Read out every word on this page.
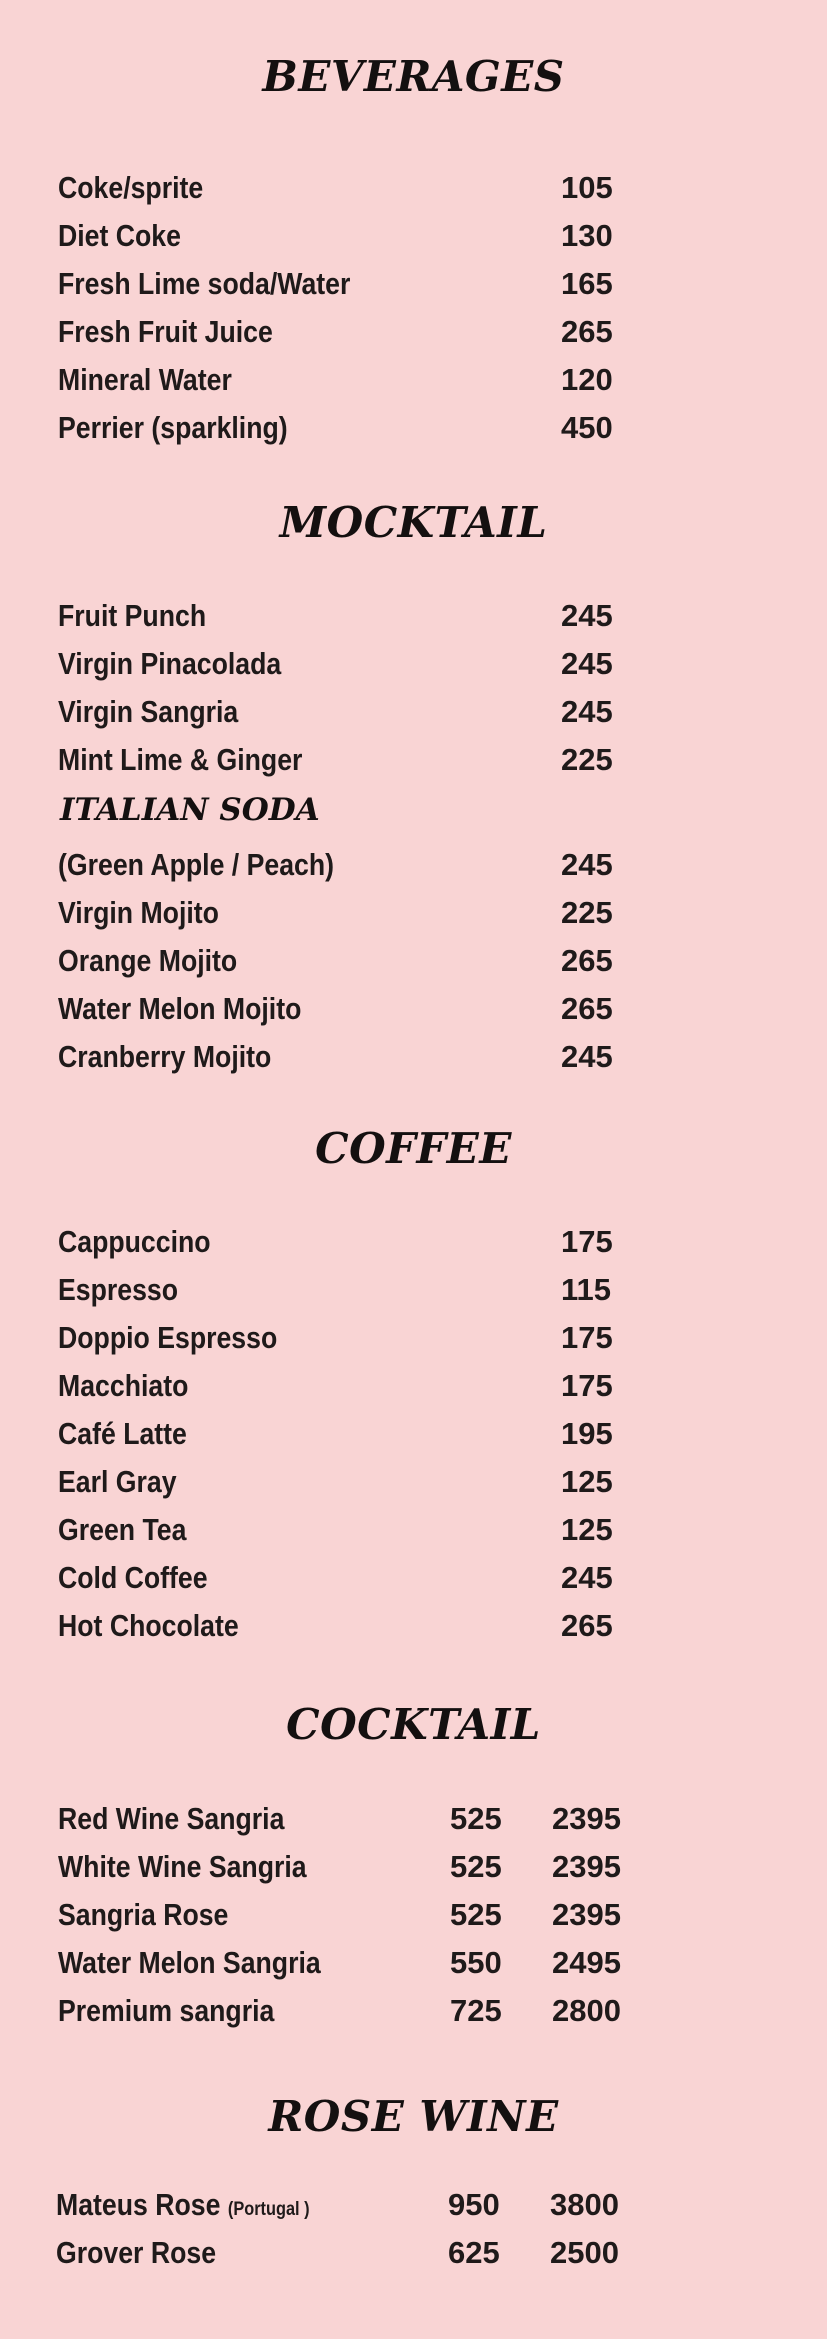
BEVERAGES
Coke/sprite	105
Diet Coke	130
Fresh Lime soda/Water	165
Fresh Fruit Juice	265
Mineral Water	120
Perrier (sparkling)	450
MOCKTAIL
Fruit Punch	245
Virgin Pinacolada	245
Virgin Sangria	245
Mint Lime & Ginger	225
ITALIAN SODA
(Green Apple / Peach)	245
Virgin Mojito	225
Orange Mojito	265
Water Melon Mojito	265
Cranberry Mojito	245
COFFEE
Cappuccino	175
Espresso	115
Doppio Espresso	175
Macchiato	175
Café Latte	195
Earl Gray	125
Green Tea	125
Cold Coffee	245
Hot Chocolate	265
COCKTAIL
Red Wine Sangria	525 2395
White Wine Sangria	525 2395
Sangria Rose	525 2395
Water Melon Sangria	550 2495
Premium sangria	725 2800
ROSE WINE
Mateus Rose (Portugal )	950 3800
Grover Rose	625 2500
